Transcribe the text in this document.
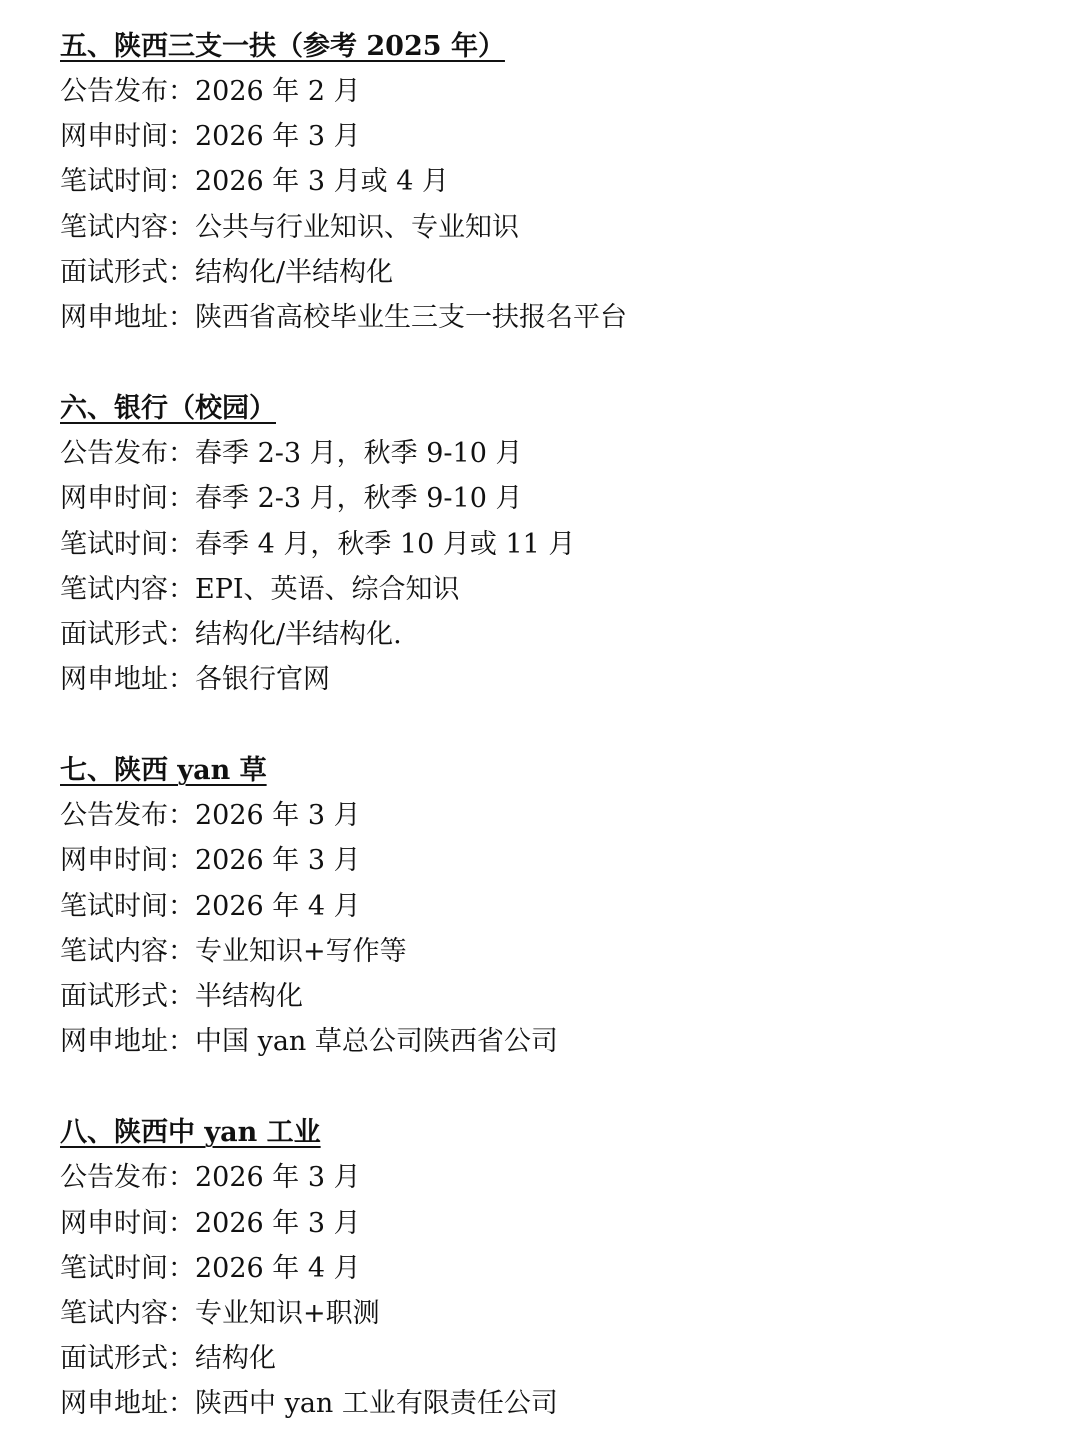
五、陕西三支一扶（参考 2025 年）
公告发布：2026 年 2 月
网申时间：2026 年 3 月
笔试时间：2026 年 3 月或 4 月
笔试内容：公共与行业知识、专业知识
面试形式：结构化/半结构化
网申地址：陕西省高校毕业生三支一扶报名平台
六、银行（校园）
公告发布：春季 2-3 月，秋季 9-10 月
网申时间：春季 2-3 月，秋季 9-10 月
笔试时间：春季 4 月，秋季 10 月或 11 月
笔试内容：EPI、英语、综合知识
面试形式：结构化/半结构化.
网申地址：各银行官网
七、陕西 yan 草
公告发布：2026 年 3 月
网申时间：2026 年 3 月
笔试时间：2026 年 4 月
笔试内容：专业知识+写作等
面试形式：半结构化
网申地址：中国 yan 草总公司陕西省公司
八、陕西中 yan 工业
公告发布：2026 年 3 月
网申时间：2026 年 3 月
笔试时间：2026 年 4 月
笔试内容：专业知识+职测
面试形式：结构化
网申地址：陕西中 yan 工业有限责任公司
